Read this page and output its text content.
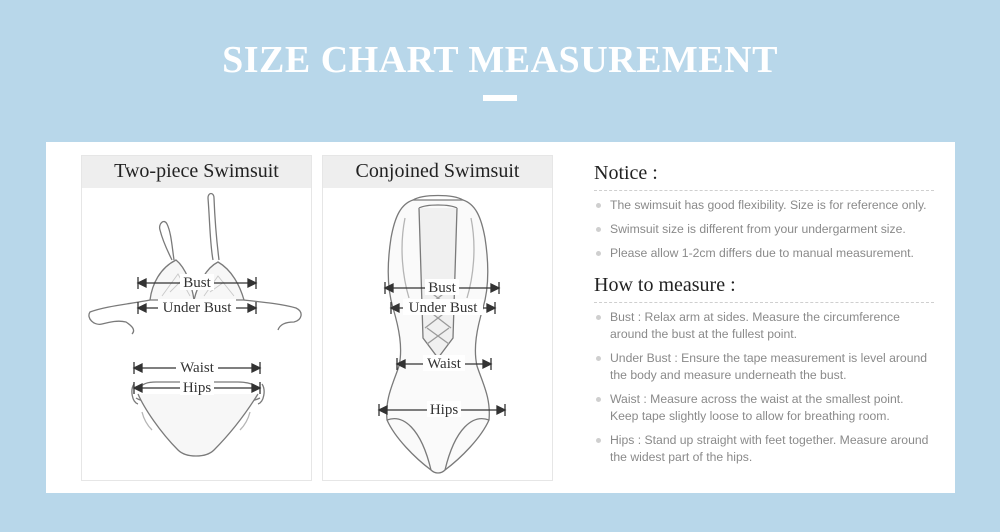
SIZE CHART MEASUREMENT
Two-piece Swimsuit
Bust
Under Bust
Waist
Hips
Conjoined Swimsuit
Bust
Under Bust
Waist
Hips
Notice :
The swimsuit has good flexibility. Size is for reference only.
Swimsuit size is different from your undergarment size.
Please allow 1-2cm differs due to manual measurement.
How to measure :
Bust : Relax arm at sides. Measure the circumference
around the bust at the fullest point.
Under Bust : Ensure the tape measurement is level around
the body and measure underneath the bust.
Waist : Measure across the waist at the smallest point.
Keep tape slightly loose to allow for breathing room.
Hips : Stand up straight with feet together. Measure around
the widest part of the hips.
